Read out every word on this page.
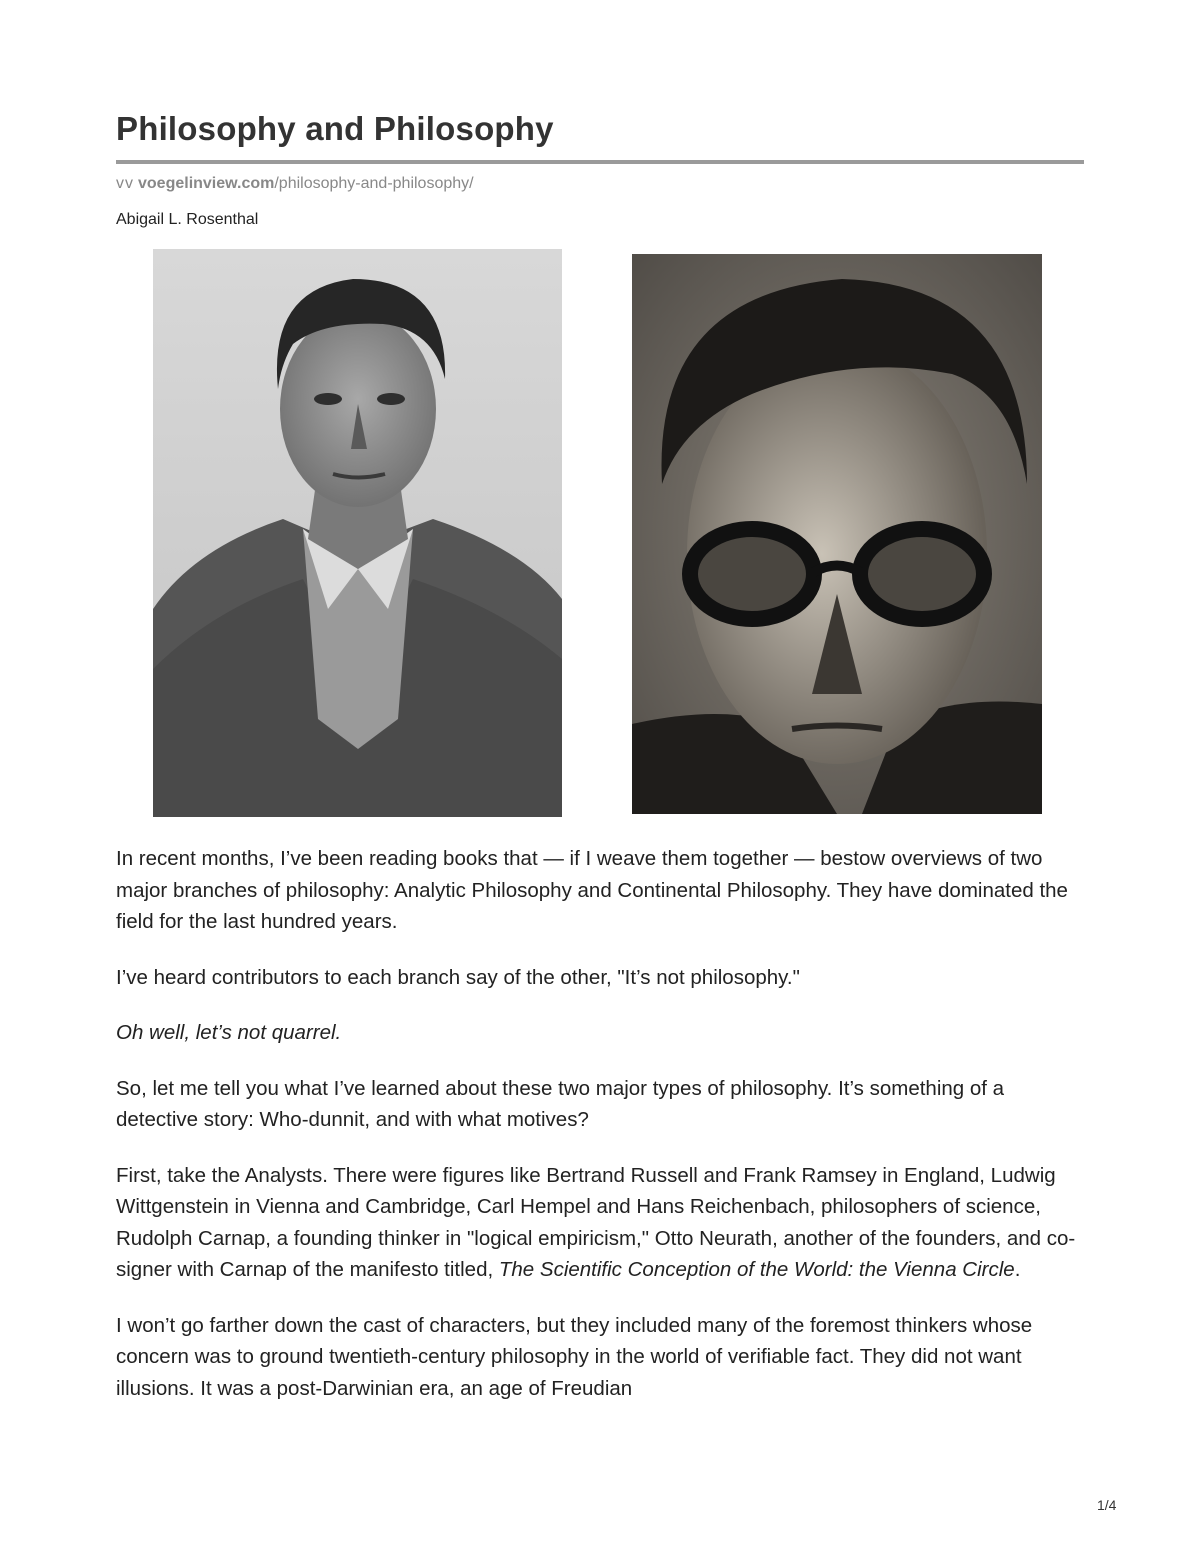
Philosophy and Philosophy
vv voegelinview.com/philosophy-and-philosophy/
Abigail L. Rosenthal

In recent months, I’ve been reading books that — if I weave them together — bestow overviews of two major branches of philosophy: Analytic Philosophy and Continental Philosophy. They have dominated the field for the last hundred years.

I’ve heard contributors to each branch say of the other, "It’s not philosophy."

Oh well, let’s not quarrel.

So, let me tell you what I’ve learned about these two major types of philosophy. It’s something of a detective story: Who-dunnit, and with what motives?

First, take the Analysts. There were figures like Bertrand Russell and Frank Ramsey in England, Ludwig Wittgenstein in Vienna and Cambridge, Carl Hempel and Hans Reichenbach, philosophers of science, Rudolph Carnap, a founding thinker in "logical empiricism," Otto Neurath, another of the founders, and co-signer with Carnap of the manifesto titled, The Scientific Conception of the World: the Vienna Circle.

I won’t go farther down the cast of characters, but they included many of the foremost thinkers whose concern was to ground twentieth-century philosophy in the world of verifiable fact. They did not want illusions. It was a post-Darwinian era, an age of Freudian

1/4
